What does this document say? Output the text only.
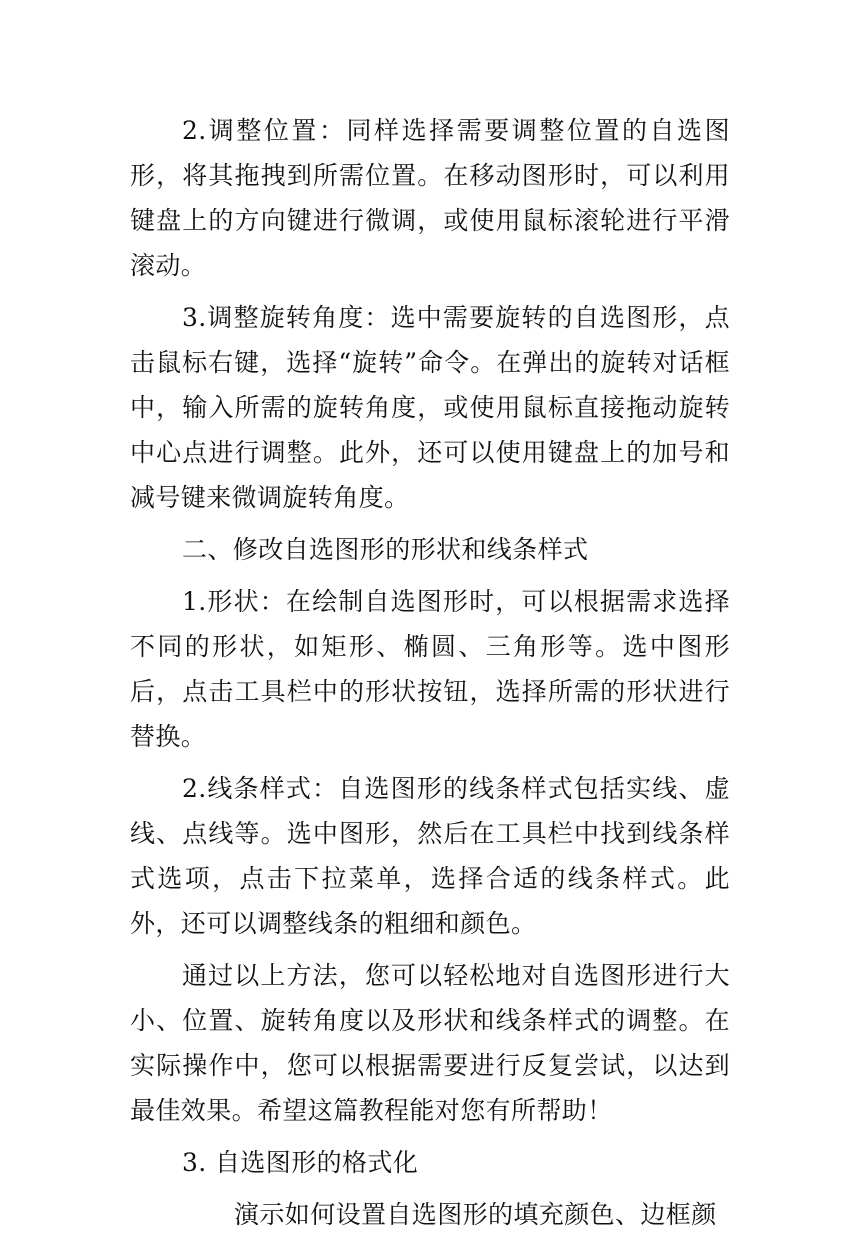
2.调整位置：同样选择需要调整位置的自选图形，将其拖拽到所需位置。在移动图形时，可以利用键盘上的方向键进行微调，或使用鼠标滚轮进行平滑滚动。

3.调整旋转角度：选中需要旋转的自选图形，点击鼠标右键，选择“旋转”命令。在弹出的旋转对话框中，输入所需的旋转角度，或使用鼠标直接拖动旋转中心点进行调整。此外，还可以使用键盘上的加号和减号键来微调旋转角度。

二、修改自选图形的形状和线条样式

1.形状：在绘制自选图形时，可以根据需求选择不同的形状，如矩形、椭圆、三角形等。选中图形后，点击工具栏中的形状按钮，选择所需的形状进行替换。

2.线条样式：自选图形的线条样式包括实线、虚线、点线等。选中图形，然后在工具栏中找到线条样式选项，点击下拉菜单，选择合适的线条样式。此外，还可以调整线条的粗细和颜色。

通过以上方法，您可以轻松地对自选图形进行大小、位置、旋转角度以及形状和线条样式的调整。在实际操作中，您可以根据需要进行反复尝试，以达到最佳效果。希望这篇教程能对您有所帮助！

3. 自选图形的格式化

演示如何设置自选图形的填充颜色、边框颜
